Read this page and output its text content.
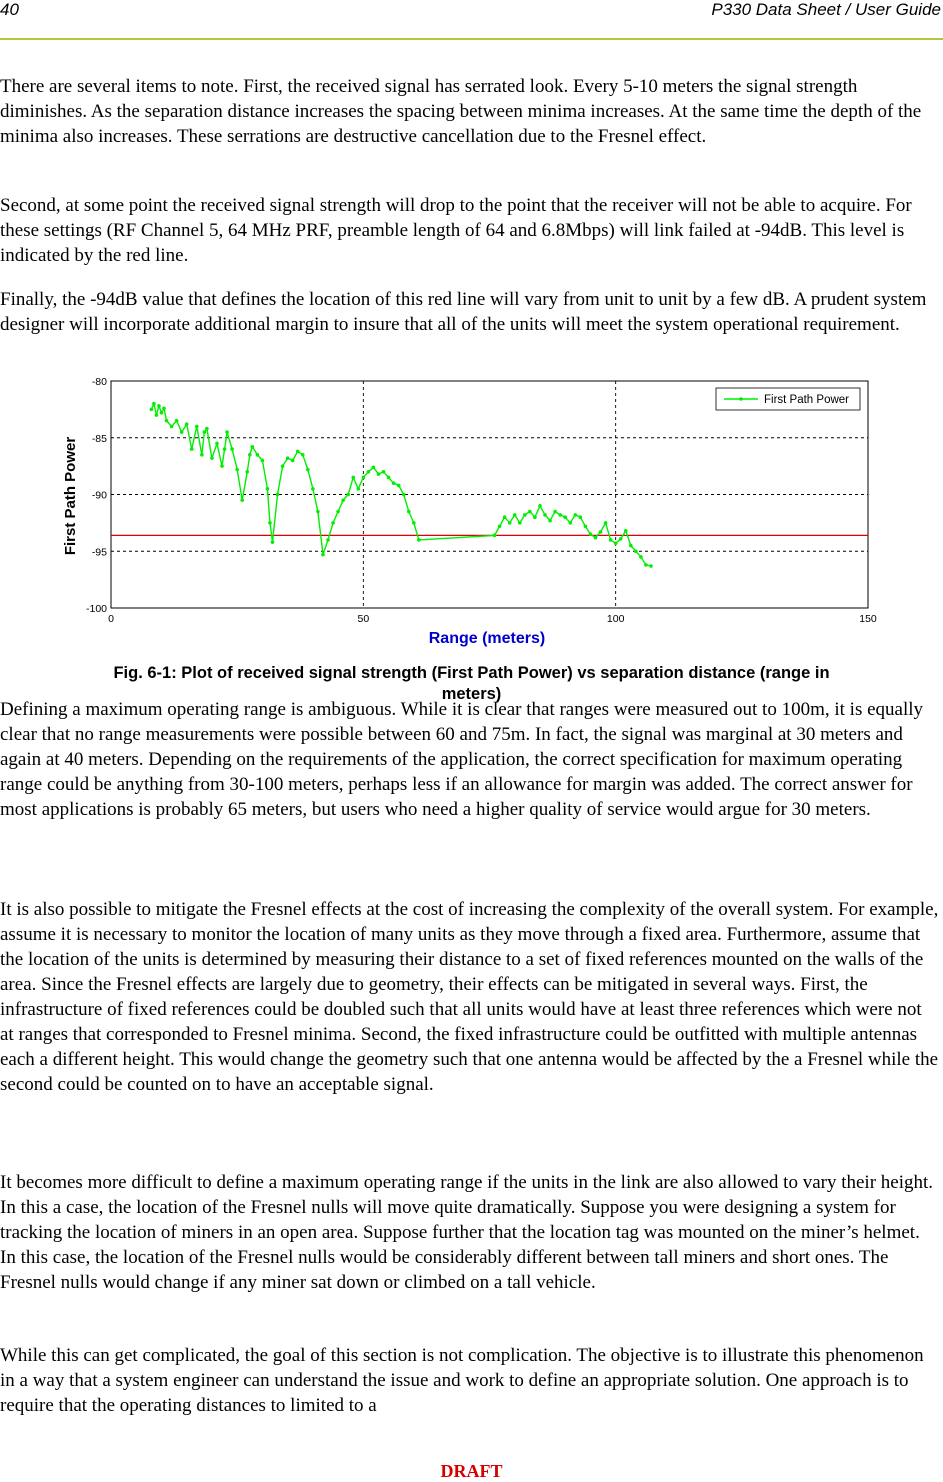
40	P330 Data Sheet / User Guide

There are several items to note. First, the received signal has serrated look. Every 5-10 meters the signal strength diminishes. As the separation distance increases the spacing between minima increases. At the same time the depth of the minima also increases. These serrations are destructive cancellation due to the Fresnel effect.

Second, at some point the received signal strength will drop to the point that the receiver will not be able to acquire. For these settings (RF Channel 5, 64 MHz PRF, preamble length of 64 and 6.8Mbps) will link failed at -94dB. This level is indicated by the red line.

Finally, the -94dB value that defines the location of this red line will vary from unit to unit by a few dB. A prudent system designer will incorporate additional margin to insure that all of the units will meet the system operational requirement.

0	50	100	150
-80
-85
-90
-95
-100
First Path Power
First Path Power
Range (meters)
Fig. 6-1: Plot of received signal strength (First Path Power) vs separation distance (range in
meters)

Defining a maximum operating range is ambiguous. While it is clear that ranges were measured out to 100m, it is equally clear that no range measurements were possible between 60 and 75m. In fact, the signal was marginal at 30 meters and again at 40 meters. Depending on the requirements of the application, the correct specification for maximum operating range could be anything from 30-100 meters, perhaps less if an allowance for margin was added. The correct answer for most applications is probably 65 meters, but users who need a higher quality of service would argue for 30 meters.

It is also possible to mitigate the Fresnel effects at the cost of increasing the complexity of the overall system. For example, assume it is necessary to monitor the location of many units as they move through a fixed area. Furthermore, assume that the location of the units is determined by measuring their distance to a set of fixed references mounted on the walls of the area. Since the Fresnel effects are largely due to geometry, their effects can be mitigated in several ways. First, the infrastructure of fixed references could be doubled such that all units would have at least three references which were not at ranges that corresponded to Fresnel minima. Second, the fixed infrastructure could be outfitted with multiple antennas each a different height. This would change the geometry such that one antenna would be affected by the a Fresnel while the second could be counted on to have an acceptable signal.

It becomes more difficult to define a maximum operating range if the units in the link are also allowed to vary their height. In this a case, the location of the Fresnel nulls will move quite dramatically. Suppose you were designing a system for tracking the location of miners in an open area. Suppose further that the location tag was mounted on the miner’s helmet. In this case, the location of the Fresnel nulls would be considerably different between tall miners and short ones. The Fresnel nulls would change if any miner sat down or climbed on a tall vehicle.

While this can get complicated, the goal of this section is not complication. The objective is to illustrate this phenomenon in a way that a system engineer can understand the issue and work to define an appropriate solution. One approach is to require that the operating distances to limited to a

DRAFT
